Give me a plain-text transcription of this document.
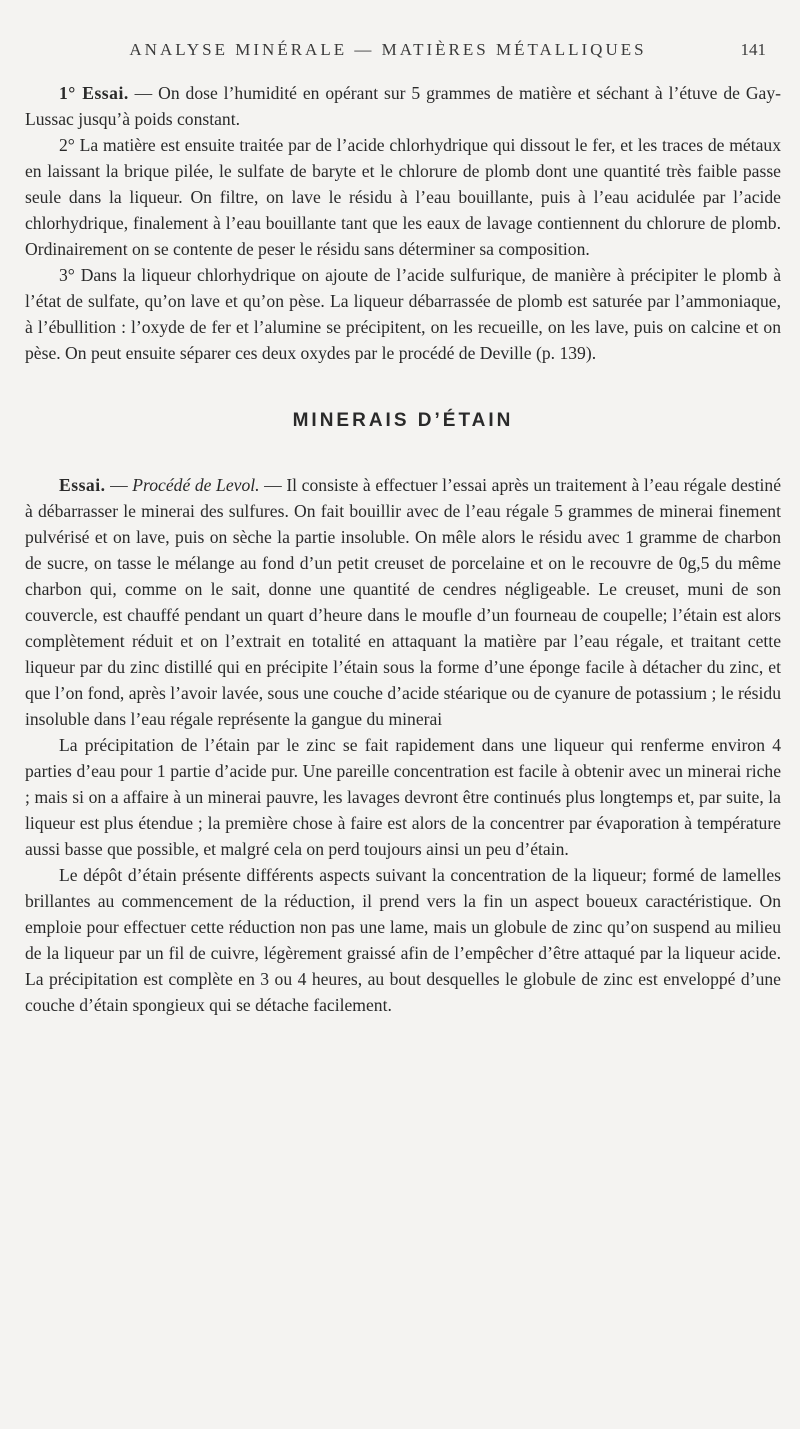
ANALYSE MINÉRALE — MATIÈRES MÉTALLIQUES	141

1° Essai. — On dose l’humidité en opérant sur 5 grammes de matière et séchant à l’étuve de Gay-Lussac jusqu’à poids constant.

2° La matière est ensuite traitée par de l’acide chlorhydrique qui dissout le fer, et les traces de métaux en laissant la brique pilée, le sulfate de baryte et le chlorure de plomb dont une quantité très faible passe seule dans la liqueur. On filtre, on lave le résidu à l’eau bouillante, puis à l’eau acidulée par l’acide chlorhydrique, finalement à l’eau bouillante tant que les eaux de lavage contiennent du chlorure de plomb. Ordinairement on se contente de peser le résidu sans déterminer sa composition.

3° Dans la liqueur chlorhydrique on ajoute de l’acide sulfurique, de manière à précipiter le plomb à l’état de sulfate, qu’on lave et qu’on pèse. La liqueur débarrassée de plomb est saturée par l’ammoniaque, à l’ébullition : l’oxyde de fer et l’alumine se précipitent, on les recueille, on les lave, puis on calcine et on pèse. On peut ensuite séparer ces deux oxydes par le procédé de Deville (p. 139).

MINERAIS D’ÉTAIN

Essai. — Procédé de Levol. — Il consiste à effectuer l’essai après un traitement à l’eau régale destiné à débarrasser le minerai des sulfures. On fait bouillir avec de l’eau régale 5 grammes de minerai finement pulvérisé et on lave, puis on sèche la partie insoluble. On mêle alors le résidu avec 1 gramme de charbon de sucre, on tasse le mélange au fond d’un petit creuset de porcelaine et on le recouvre de 0g,5 du même charbon qui, comme on le sait, donne une quantité de cendres négligeable. Le creuset, muni de son couvercle, est chauffé pendant un quart d’heure dans le moufle d’un fourneau de coupelle; l’étain est alors complètement réduit et on l’extrait en totalité en attaquant la matière par l’eau régale, et traitant cette liqueur par du zinc distillé qui en précipite l’étain sous la forme d’une éponge facile à détacher du zinc, et que l’on fond, après l’avoir lavée, sous une couche d’acide stéarique ou de cyanure de potassium ; le résidu insoluble dans l’eau régale représente la gangue du minerai

La précipitation de l’étain par le zinc se fait rapidement dans une liqueur qui renferme environ 4 parties d’eau pour 1 partie d’acide pur. Une pareille concentration est facile à obtenir avec un minerai riche ; mais si on a affaire à un minerai pauvre, les lavages devront être continués plus longtemps et, par suite, la liqueur est plus étendue ; la première chose à faire est alors de la concentrer par évaporation à température aussi basse que possible, et malgré cela on perd toujours ainsi un peu d’étain.

Le dépôt d’étain présente différents aspects suivant la concentration de la liqueur; formé de lamelles brillantes au commencement de la réduction, il prend vers la fin un aspect boueux caractéristique. On emploie pour effectuer cette réduction non pas une lame, mais un globule de zinc qu’on suspend au milieu de la liqueur par un fil de cuivre, légèrement graissé afin de l’empêcher d’être attaqué par la liqueur acide. La précipitation est complète en 3 ou 4 heures, au bout desquelles le globule de zinc est enveloppé d’une couche d’étain spongieux qui se détache facilement.
